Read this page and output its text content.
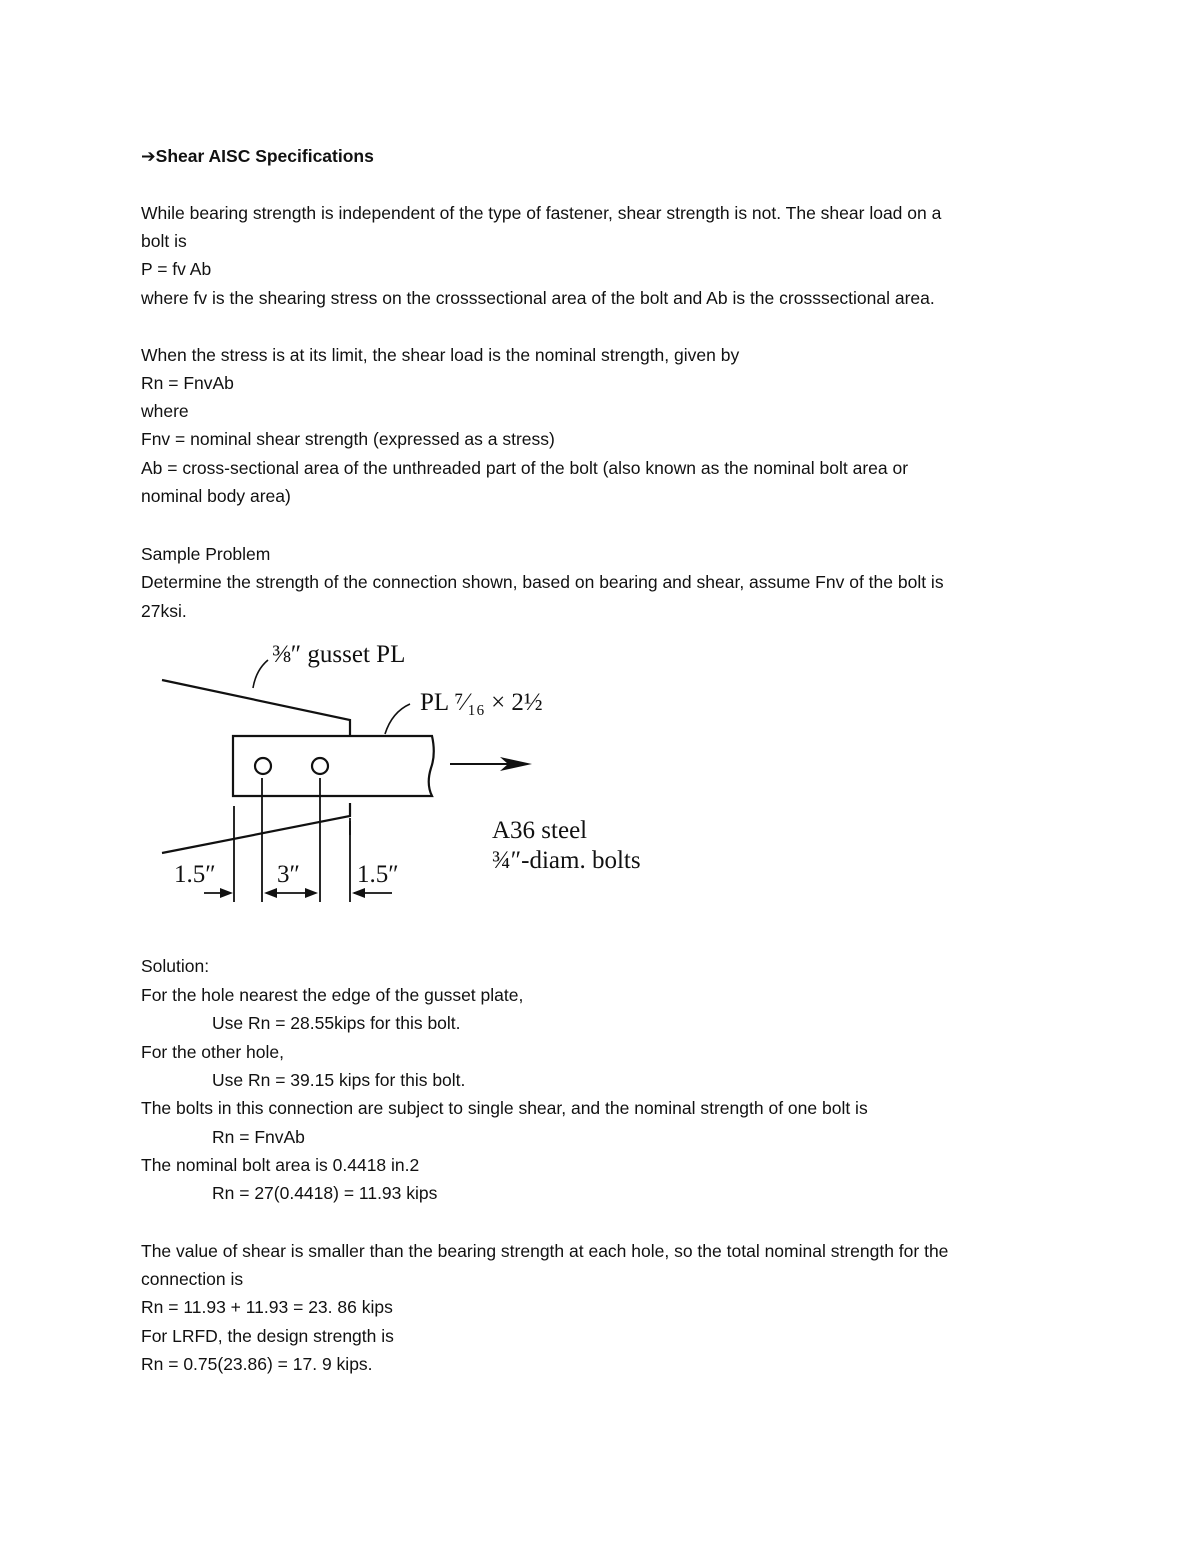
➔Shear AISC Specifications
While bearing strength is independent of the type of fastener, shear strength is not. The shear load on a
bolt is
P = fv Ab
where fv is the shearing stress on the crosssectional area of the bolt and Ab is the crosssectional area.
When the stress is at its limit, the shear load is the nominal strength, given by
Rn = FnvAb
where
Fnv = nominal shear strength (expressed as a stress)
Ab = cross-sectional area of the unthreaded part of the bolt (also known as the nominal bolt area or
nominal body area)
Sample Problem
Determine the strength of the connection shown, based on bearing and shear, assume Fnv of the bolt is
27ksi.
⅜″ gusset PL
PL ⁷⁄₁₆ × 2½
A36 steel
¾″-diam. bolts
1.5″ 3″ 1.5″
Solution:
For the hole nearest the edge of the gusset plate,
Use Rn = 28.55kips for this bolt.
For the other hole,
Use Rn = 39.15 kips for this bolt.
The bolts in this connection are subject to single shear, and the nominal strength of one bolt is
Rn = FnvAb
The nominal bolt area is 0.4418 in.2
Rn = 27(0.4418) = 11.93 kips
The value of shear is smaller than the bearing strength at each hole, so the total nominal strength for the
connection is
Rn = 11.93 + 11.93 = 23. 86 kips
For LRFD, the design strength is
Rn = 0.75(23.86) = 17. 9 kips.
